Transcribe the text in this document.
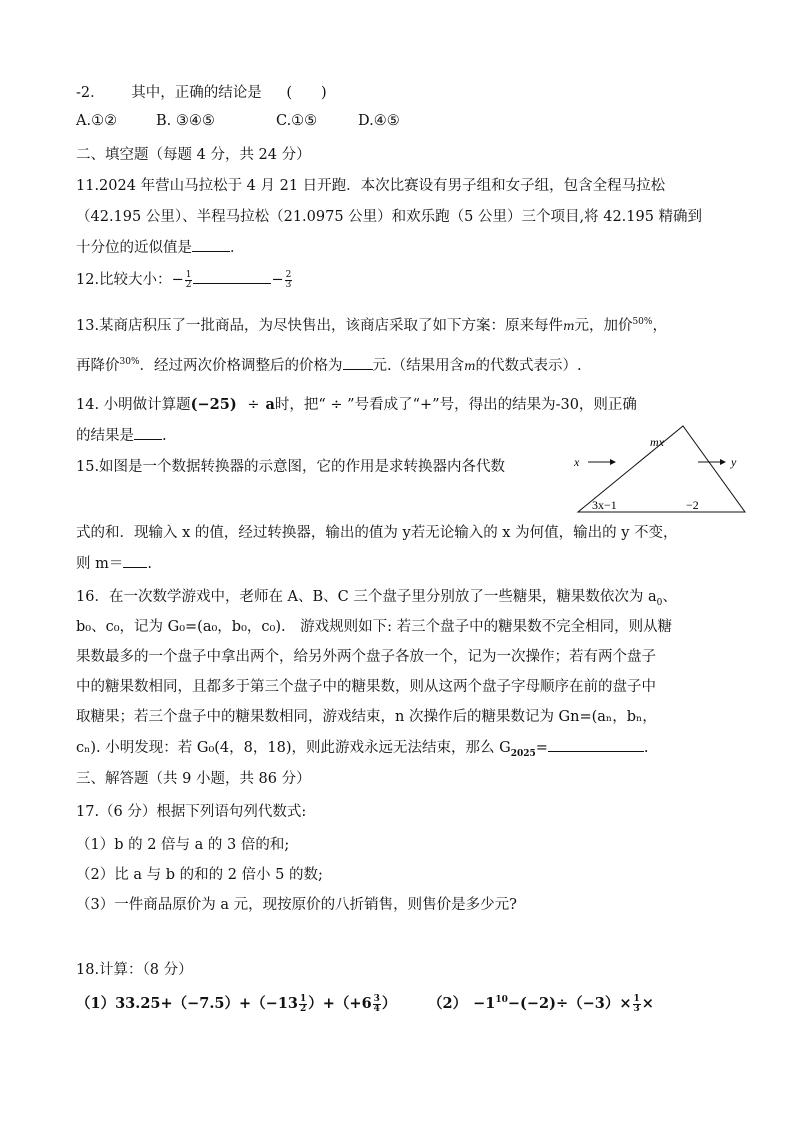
-2． 其中，正确的结论是 (　　)
A.①②	B. ③④⑤	C.①⑤	D.④⑤
二、填空题（每题 4 分，共 24 分）
11.2024 年营山马拉松于 4 月 21 日开跑．本次比赛设有男子组和女子组，包含全程马拉松
（42.195 公里）、半程马拉松（21.0975 公里）和欢乐跑（5 公里）三个项目,将 42.195 精确到
十分位的近似值是	．
12.比较大小：− $\frac{1}{2}$	− $\frac{2}{3}$
13.某商店积压了一批商品，为尽快售出，该商店采取了如下方案：原来每件m元，加价$^{50\%}$，
再降价$^{30\%}$．经过两次价格调整后的价格为 元.（结果用含m的代数式表示）.
14. 小明做计算题(−25) ÷ a时，把“ ÷ ”号看成了“+”号，得出的结果为-30，则正确
的结果是 .
15.如图是一个数据转换器的示意图，它的作用是求转换器内各代数	x	y
mx
3x−1	−2
式的和．现输入 x 的值，经过转换器，输出的值为 y若无论输入的 x 为何值，输出的 y 不变，
则 m＝ .
16．在一次数学游戏中，老师在 A、B、C 三个盘子里分别放了一些糖果，糖果数依次为 $a_0$、
b₀、c₀，记为 G₀=(a₀，b₀，c₀).　游戏规则如下: 若三个盘子中的糖果数不完全相同，则从糖
果数最多的一个盘子中拿出两个，给另外两个盘子各放一个，记为一次操作；若有两个盘子
中的糖果数相同，且都多于第三个盘子中的糖果数，则从这两个盘子字母顺序在前的盘子中
取糖果；若三个盘子中的糖果数相同，游戏结束，n 次操作后的糖果数记为 Gn=(aₙ，bₙ，
cₙ). 小明发现：若 G₀(4，8，18)，则此游戏永远无法结束，那么 $G_{2025}=$	.
三、解答题（共 9 小题，共 86 分）
17.（6 分）根据下列语句列代数式:
（1）b 的 2 倍与 a 的 3 倍的和;
（2）比 a 与 b 的和的 2 倍小 5 的数;
（3）一件商品原价为 a 元，现按原价的八折销售，则售价是多少元?
18.计算：（8 分）
$(1)33.25+(-7.5)+(-13 \frac{1}{2} )+(+6 \frac{3}{4}$ ） $(2) -1^{10}-(-2)\div(-3)\times \frac{1}{3}$ ×
